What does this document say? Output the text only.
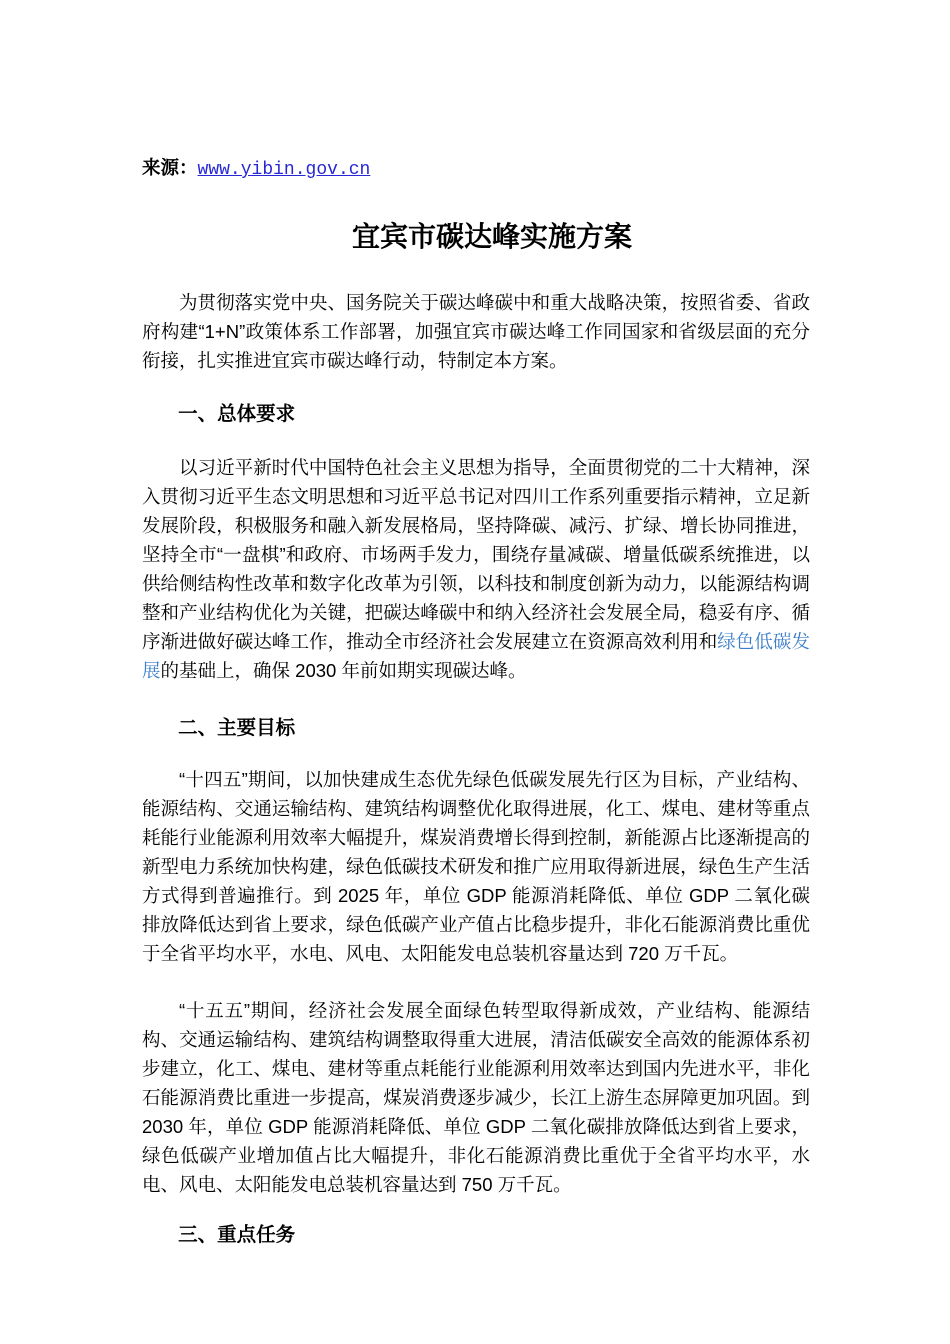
来源：www.yibin.gov.cn

宜宾市碳达峰实施方案

为贯彻落实党中央、国务院关于碳达峰碳中和重大战略决策，按照省委、省政府构建“1+N”政策体系工作部署，加强宜宾市碳达峰工作同国家和省级层面的充分衔接，扎实推进宜宾市碳达峰行动，特制定本方案。

一、总体要求

以习近平新时代中国特色社会主义思想为指导，全面贯彻党的二十大精神，深入贯彻习近平生态文明思想和习近平总书记对四川工作系列重要指示精神，立足新发展阶段，积极服务和融入新发展格局，坚持降碳、减污、扩绿、增长协同推进，坚持全市“一盘棋”和政府、市场两手发力，围绕存量减碳、增量低碳系统推进，以供给侧结构性改革和数字化改革为引领，以科技和制度创新为动力，以能源结构调整和产业结构优化为关键，把碳达峰碳中和纳入经济社会发展全局，稳妥有序、循序渐进做好碳达峰工作，推动全市经济社会发展建立在资源高效利用和绿色低碳发展的基础上，确保 2030 年前如期实现碳达峰。

二、主要目标

“十四五”期间，以加快建成生态优先绿色低碳发展先行区为目标，产业结构、能源结构、交通运输结构、建筑结构调整优化取得进展，化工、煤电、建材等重点耗能行业能源利用效率大幅提升，煤炭消费增长得到控制，新能源占比逐渐提高的新型电力系统加快构建，绿色低碳技术研发和推广应用取得新进展，绿色生产生活方式得到普遍推行。到 2025 年，单位 GDP 能源消耗降低、单位 GDP 二氧化碳排放降低达到省上要求，绿色低碳产业产值占比稳步提升，非化石能源消费比重优于全省平均水平，水电、风电、太阳能发电总装机容量达到 720 万千瓦。

“十五五”期间，经济社会发展全面绿色转型取得新成效，产业结构、能源结构、交通运输结构、建筑结构调整取得重大进展，清洁低碳安全高效的能源体系初步建立，化工、煤电、建材等重点耗能行业能源利用效率达到国内先进水平，非化石能源消费比重进一步提高，煤炭消费逐步减少，长江上游生态屏障更加巩固。到 2030 年，单位 GDP 能源消耗降低、单位 GDP 二氧化碳排放降低达到省上要求，绿色低碳产业增加值占比大幅提升，非化石能源消费比重优于全省平均水平，水电、风电、太阳能发电总装机容量达到 750 万千瓦。

三、重点任务
